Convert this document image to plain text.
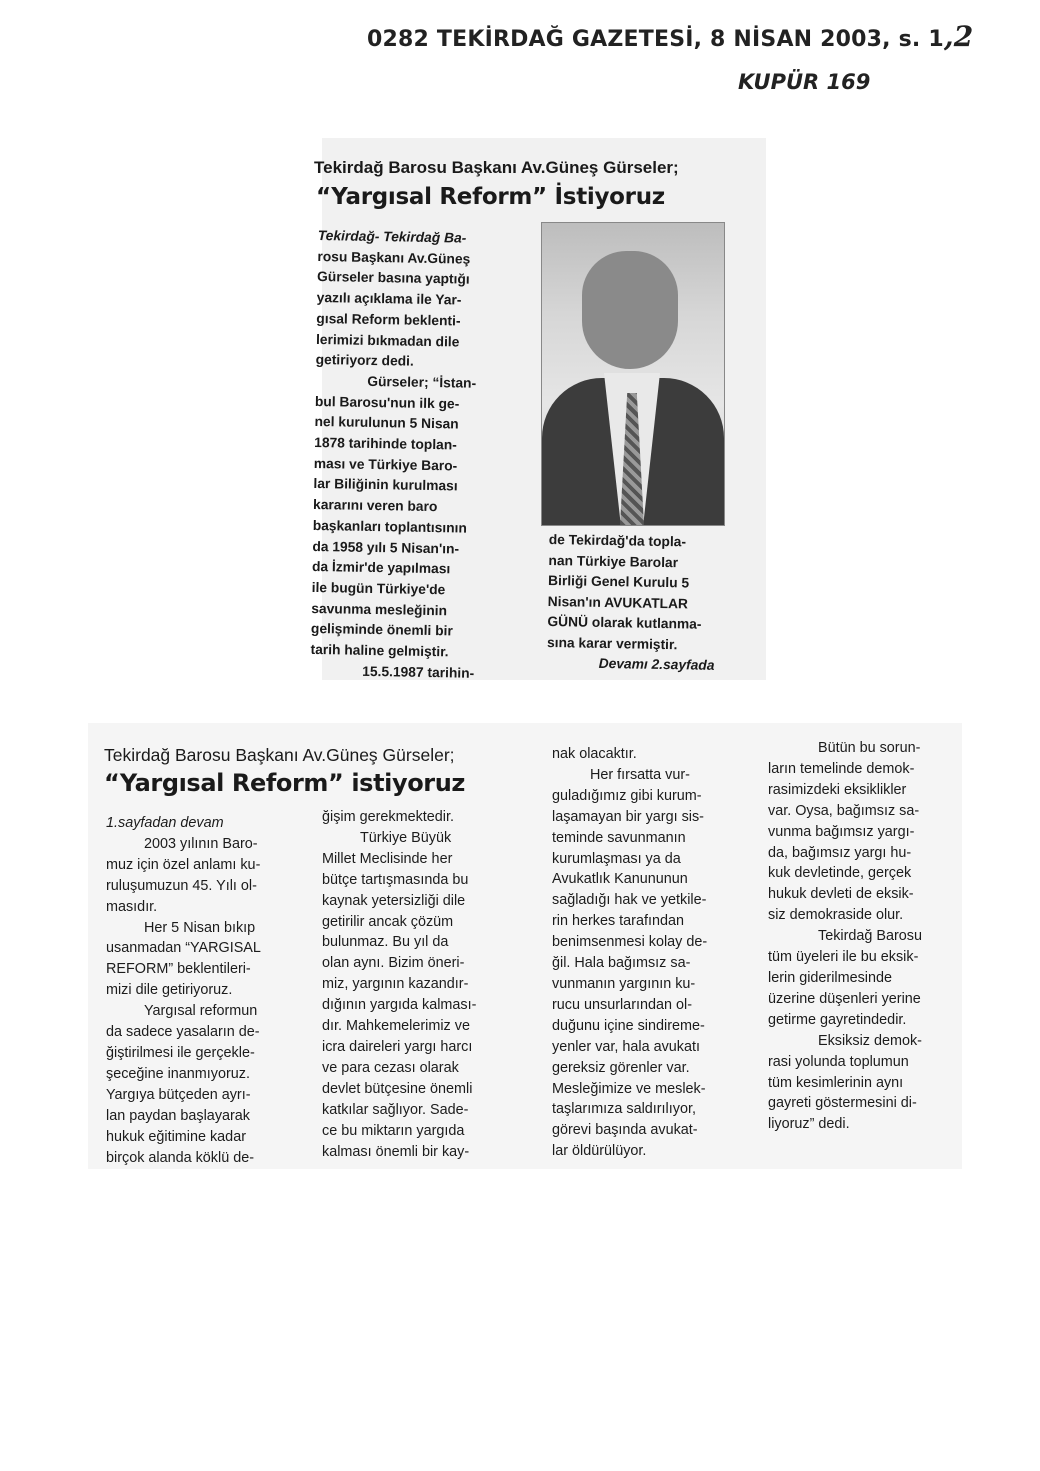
0282 TEKİRDAĞ GAZETESİ, 8 NİSAN 2003, s. 1,2
KUPÜR 169
Tekirdağ Barosu Başkanı Av.Güneş Gürseler;
“Yargısal Reform” İstiyoruz

Tekirdağ- Tekirdağ Ba-

rosu Başkanı Av.Güneş

Gürseler basına yaptığı

yazılı açıklama ile Yar-

gısal Reform beklenti-

lerimizi bıkmadan dile

getiriyorz dedi.

Gürseler; “İstan-

bul Barosu'nun ilk ge-

nel kurulunun 5 Nisan

1878 tarihinde toplan-

ması ve Türkiye Baro-

lar Biliğinin kurulması

kararını veren baro

başkanları toplantısının

da 1958 yılı 5 Nisan'ın-

da İzmir'de yapılması

ile bugün Türkiye'de

savunma mesleğinin

gelişminde önemli bir

tarih haline gelmiştir.

15.5.1987 tarihin-

de Tekirdağ'da topla-

nan Türkiye Barolar

Birliği Genel Kurulu 5

Nisan'ın AVUKATLAR

GÜNÜ olarak kutlanma-

sına karar vermiştir.

Devamı 2.sayfada

Tekirdağ Barosu Başkanı Av.Güneş Gürseler;
“Yargısal Reform” istiyoruz

1.sayfadan devam

2003 yılının Baro-

muz için özel anlamı ku-

ruluşumuzun 45. Yılı ol-

masıdır.

Her 5 Nisan bıkıp

usanmadan “YARGISAL

REFORM” beklentileri-

mizi dile getiriyoruz.

Yargısal reformun

da sadece yasaların de-

ğiştirilmesi ile gerçekle-

şeceğine inanmıyoruz.

Yargıya bütçeden ayrı-

lan paydan başlayarak

hukuk eğitimine kadar

birçok alanda köklü de-

ğişim gerekmektedir.

Türkiye Büyük

Millet Meclisinde her

bütçe tartışmasında bu

kaynak yetersizliği dile

getirilir ancak çözüm

bulunmaz. Bu yıl da

olan aynı. Bizim öneri-

miz, yargının kazandır-

dığının yargıda kalması-

dır. Mahkemelerimiz ve

icra daireleri yargı harcı

ve para cezası olarak

devlet bütçesine önemli

katkılar sağlıyor. Sade-

ce bu miktarın yargıda

kalması önemli bir kay-

nak olacaktır.

Her fırsatta vur-

guladığımız gibi kurum-

laşamayan bir yargı sis-

teminde savunmanın

kurumlaşması ya da

Avukatlık Kanununun

sağladığı hak ve yetkile-

rin herkes tarafından

benimsenmesi kolay de-

ğil. Hala bağımsız sa-

vunmanın yargının ku-

rucu unsurlarından ol-

duğunu içine sindireme-

yenler var, hala avukatı

gereksiz görenler var.

Mesleğimize ve meslek-

taşlarımıza saldırılıyor,

görevi başında avukat-

lar öldürülüyor.

Bütün bu sorun-

ların temelinde demok-

rasimizdeki eksiklikler

var. Oysa, bağımsız sa-

vunma bağımsız yargı-

da, bağımsız yargı hu-

kuk devletinde, gerçek

hukuk devleti de eksik-

siz demokraside olur.

Tekirdağ Barosu

tüm üyeleri ile bu eksik-

lerin giderilmesinde

üzerine düşenleri yerine

getirme gayretindedir.

Eksiksiz demok-

rasi yolunda toplumun

tüm kesimlerinin aynı

gayreti göstermesini di-

liyoruz” dedi.
